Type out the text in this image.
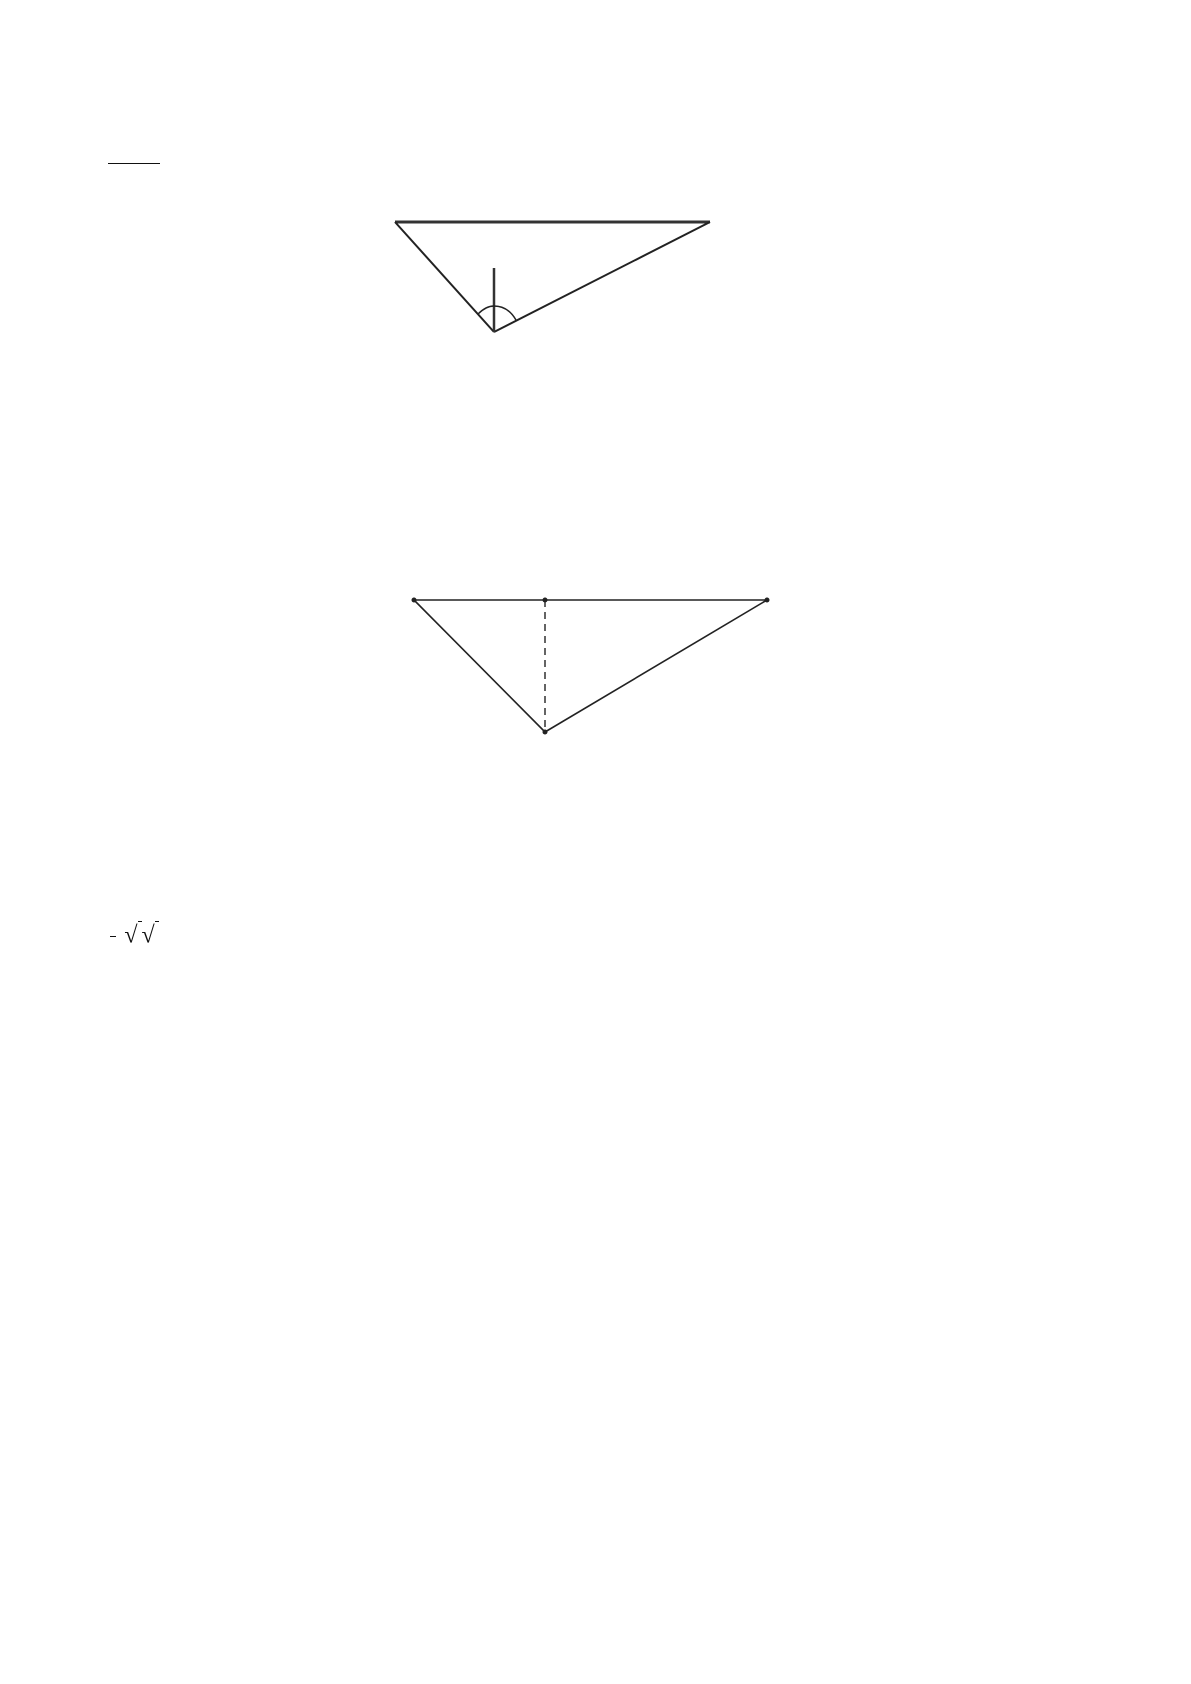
√ √
